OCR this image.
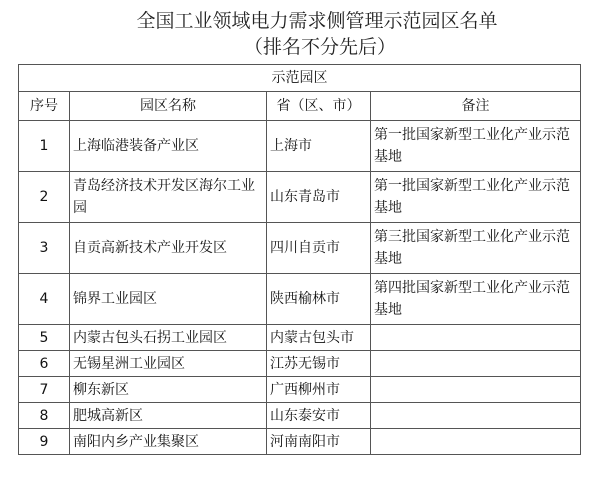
全国工业领域电力需求侧管理示范园区名单
（排名不分先后）
示范园区			
序号	园区名称	省（区、市）	备注
1	上海临港装备产业区	上海市	第一批国家新型工业化产业示范基地
2	青岛经济技术开发区海尔工业园	山东青岛市	第一批国家新型工业化产业示范基地
3	自贡高新技术产业开发区	四川自贡市	第三批国家新型工业化产业示范基地
4	锦界工业园区	陕西榆林市	第四批国家新型工业化产业示范基地
5	内蒙古包头石拐工业园区	内蒙古包头市	
6	无锡星洲工业园区	江苏无锡市	
7	柳东新区	广西柳州市	
8	肥城高新区	山东泰安市	
9	南阳内乡产业集聚区	河南南阳市	
